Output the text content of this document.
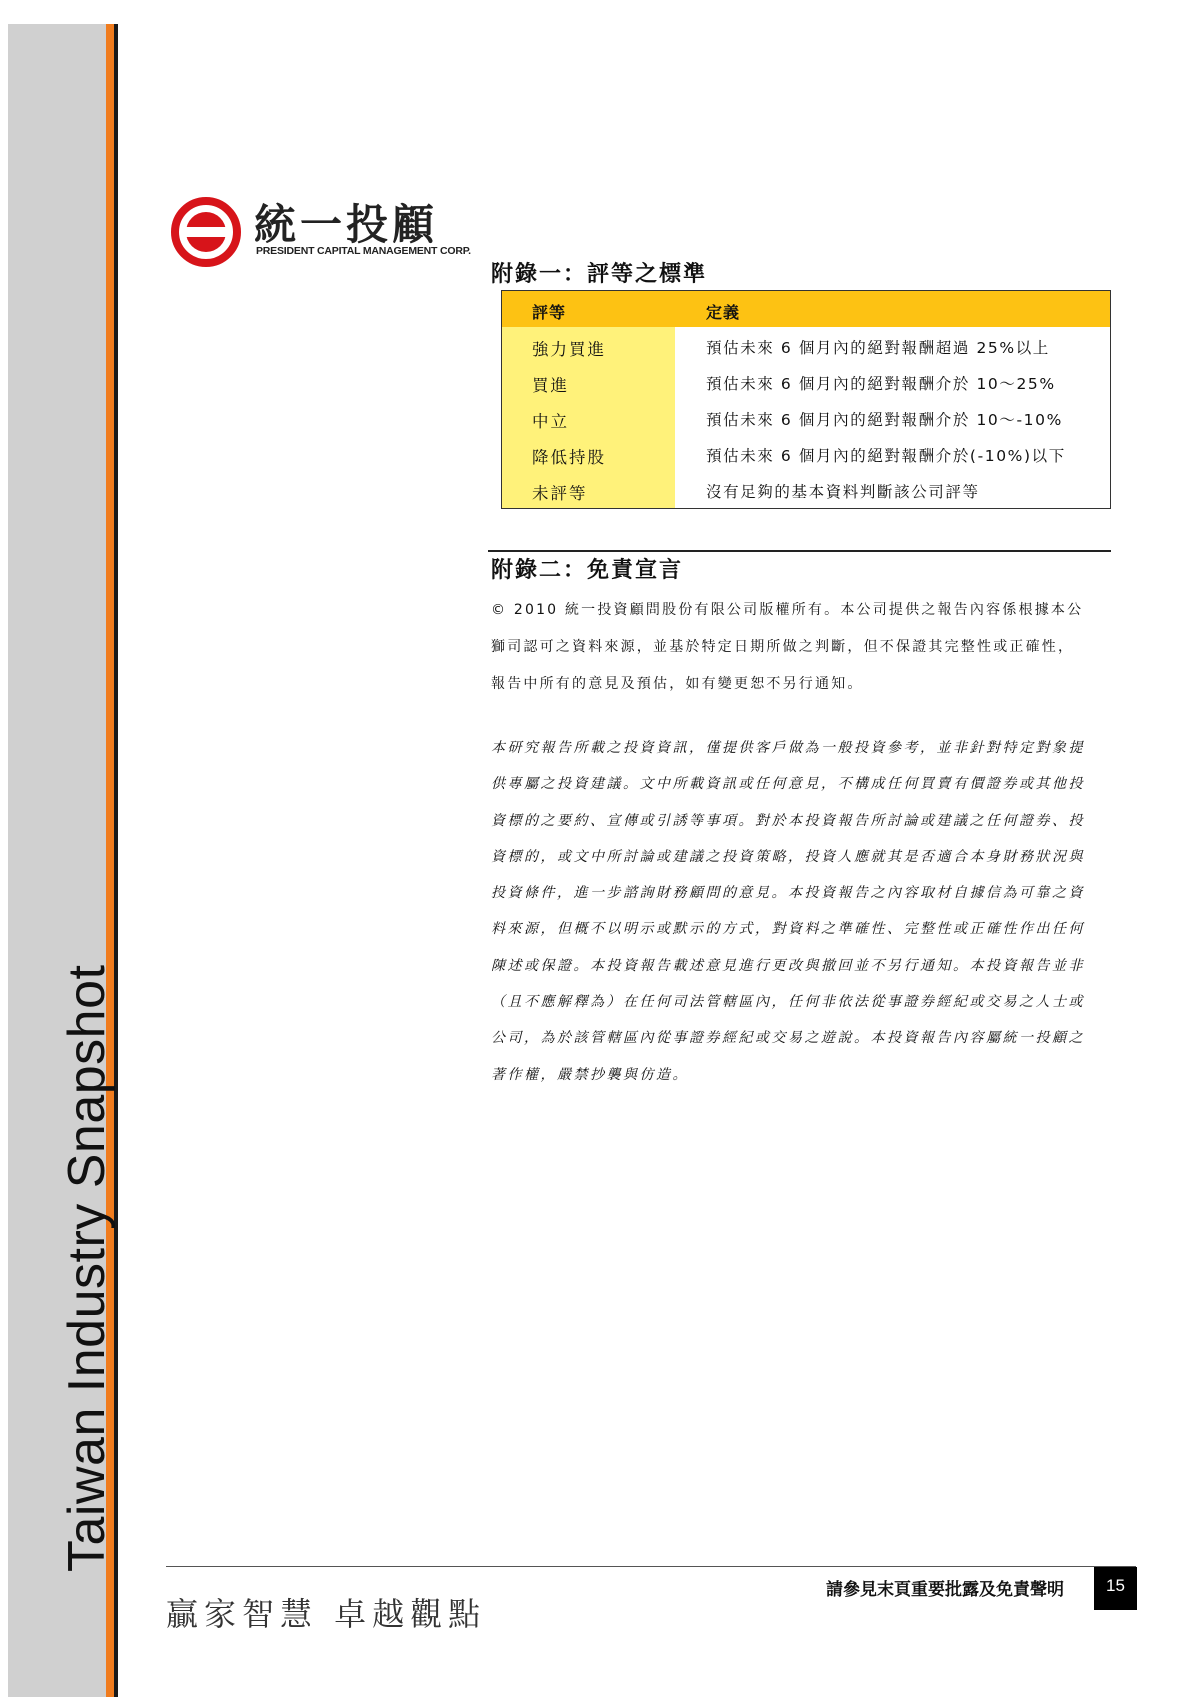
Taiwan Industry Snapshot
統一投顧
PRESIDENT CAPITAL MANAGEMENT CORP.
附錄一：評等之標準
評等	定義
強力買進	預估未來 6 個月內的絕對報酬超過 25%以上
買進	預估未來 6 個月內的絕對報酬介於 10～25%
中立	預估未來 6 個月內的絕對報酬介於 10～-10%
降低持股	預估未來 6 個月內的絕對報酬介於(-10%)以下
未評等	沒有足夠的基本資料判斷該公司評等
附錄二：免責宣言
© 2010 統一投資顧問股份有限公司版權所有。本公司提供之報告內容係根據本公
獅司認可之資料來源，並基於特定日期所做之判斷，但不保證其完整性或正確性，
報告中所有的意見及預估，如有變更恕不另行通知。
本研究報告所載之投資資訊，僅提供客戶做為一般投資參考，並非針對特定對象提
供專屬之投資建議。文中所載資訊或任何意見，不構成任何買賣有價證券或其他投
資標的之要約、宣傳或引誘等事項。對於本投資報告所討論或建議之任何證券、投
資標的，或文中所討論或建議之投資策略，投資人應就其是否適合本身財務狀況與
投資條件，進一步諮詢財務顧問的意見。本投資報告之內容取材自據信為可靠之資
料來源，但概不以明示或默示的方式，對資料之準確性、完整性或正確性作出任何
陳述或保證。本投資報告載述意見進行更改與撤回並不另行通知。本投資報告並非
（且不應解釋為）在任何司法管轄區內，任何非依法從事證券經紀或交易之人士或
公司，為於該管轄區內從事證券經紀或交易之遊說。本投資報告內容屬統一投顧之
著作權，嚴禁抄襲與仿造。
贏家智慧 卓越觀點
請參見末頁重要批露及免責聲明	15
